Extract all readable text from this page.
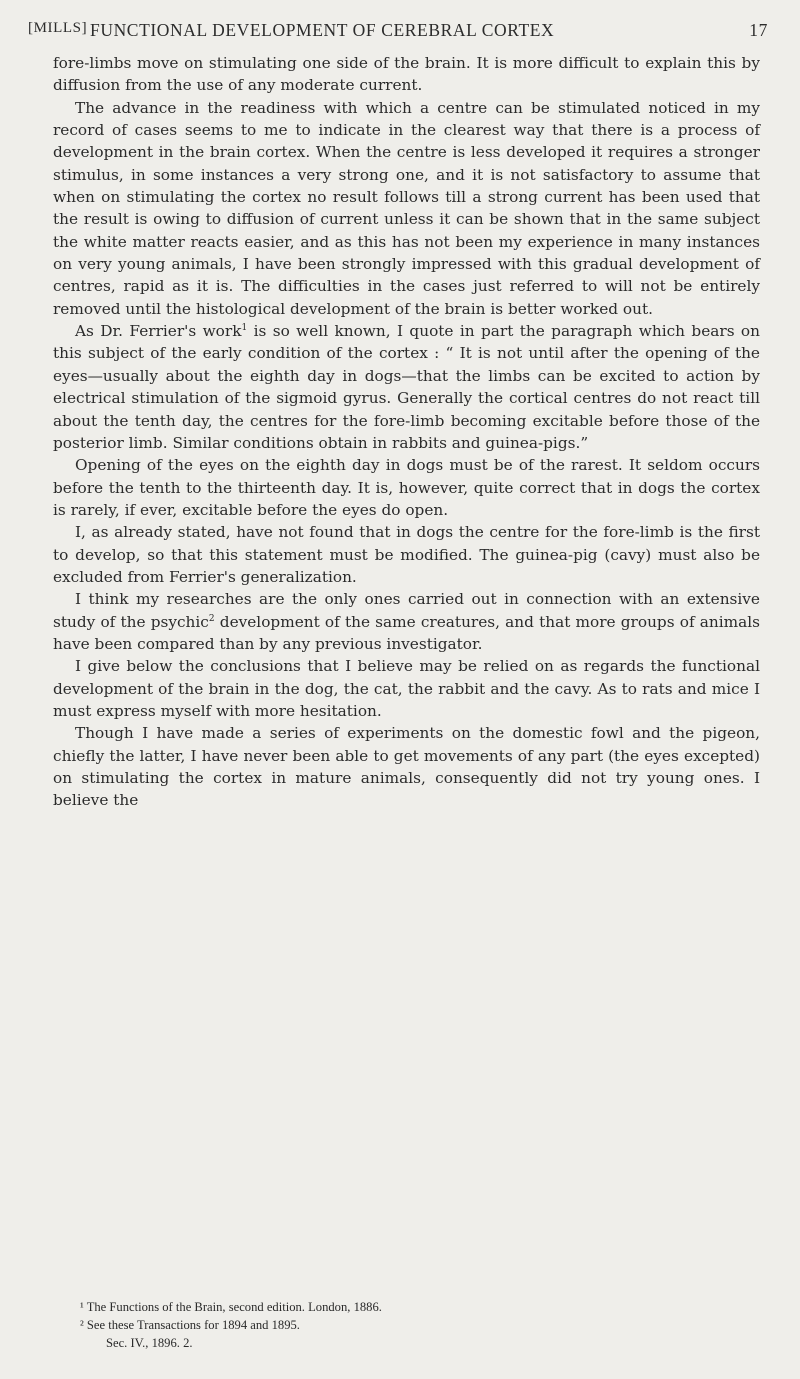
[MILLS] FUNCTIONAL DEVELOPMENT OF CEREBRAL CORTEX	17

fore-limbs move on stimulating one side of the brain. It is more difficult to explain this by diffusion from the use of any moderate current.

The advance in the readiness with which a centre can be stimulated noticed in my record of cases seems to me to indicate in the clearest way that there is a process of development in the brain cortex. When the centre is less developed it requires a stronger stimulus, in some instances a very strong one, and it is not satisfactory to assume that when on stimulating the cortex no result follows till a strong current has been used that the result is owing to diffusion of current unless it can be shown that in the same subject the white matter reacts easier, and as this has not been my experience in many instances on very young animals, I have been strongly impressed with this gradual development of centres, rapid as it is. The difficulties in the cases just referred to will not be entirely removed until the histological development of the brain is better worked out.

As Dr. Ferrier's work$^1$ is so well known, I quote in part the paragraph which bears on this subject of the early condition of the cortex : “ It is not until after the opening of the eyes—usually about the eighth day in dogs—that the limbs can be excited to action by electrical stimulation of the sigmoid gyrus. Generally the cortical centres do not react till about the tenth day, the centres for the fore-limb becoming excitable before those of the posterior limb. Similar conditions obtain in rabbits and guinea-pigs.”

Opening of the eyes on the eighth day in dogs must be of the rarest. It seldom occurs before the tenth to the thirteenth day. It is, however, quite correct that in dogs the cortex is rarely, if ever, excitable before the eyes do open.

I, as already stated, have not found that in dogs the centre for the fore-limb is the first to develop, so that this statement must be modified. The guinea-pig (cavy) must also be excluded from Ferrier's generalization.

I think my researches are the only ones carried out in connection with an extensive study of the psychic$^2$ development of the same creatures, and that more groups of animals have been compared than by any previous investigator.

I give below the conclusions that I believe may be relied on as regards the functional development of the brain in the dog, the cat, the rabbit and the cavy. As to rats and mice I must express myself with more hesitation.

Though I have made a series of experiments on the domestic fowl and the pigeon, chiefly the latter, I have never been able to get movements of any part (the eyes excepted) on stimulating the cortex in mature animals, consequently did not try young ones. I believe the

¹ The Functions of the Brain, second edition. London, 1886.
² See these Transactions for 1894 and 1895.
Sec. IV., 1896. 2.
